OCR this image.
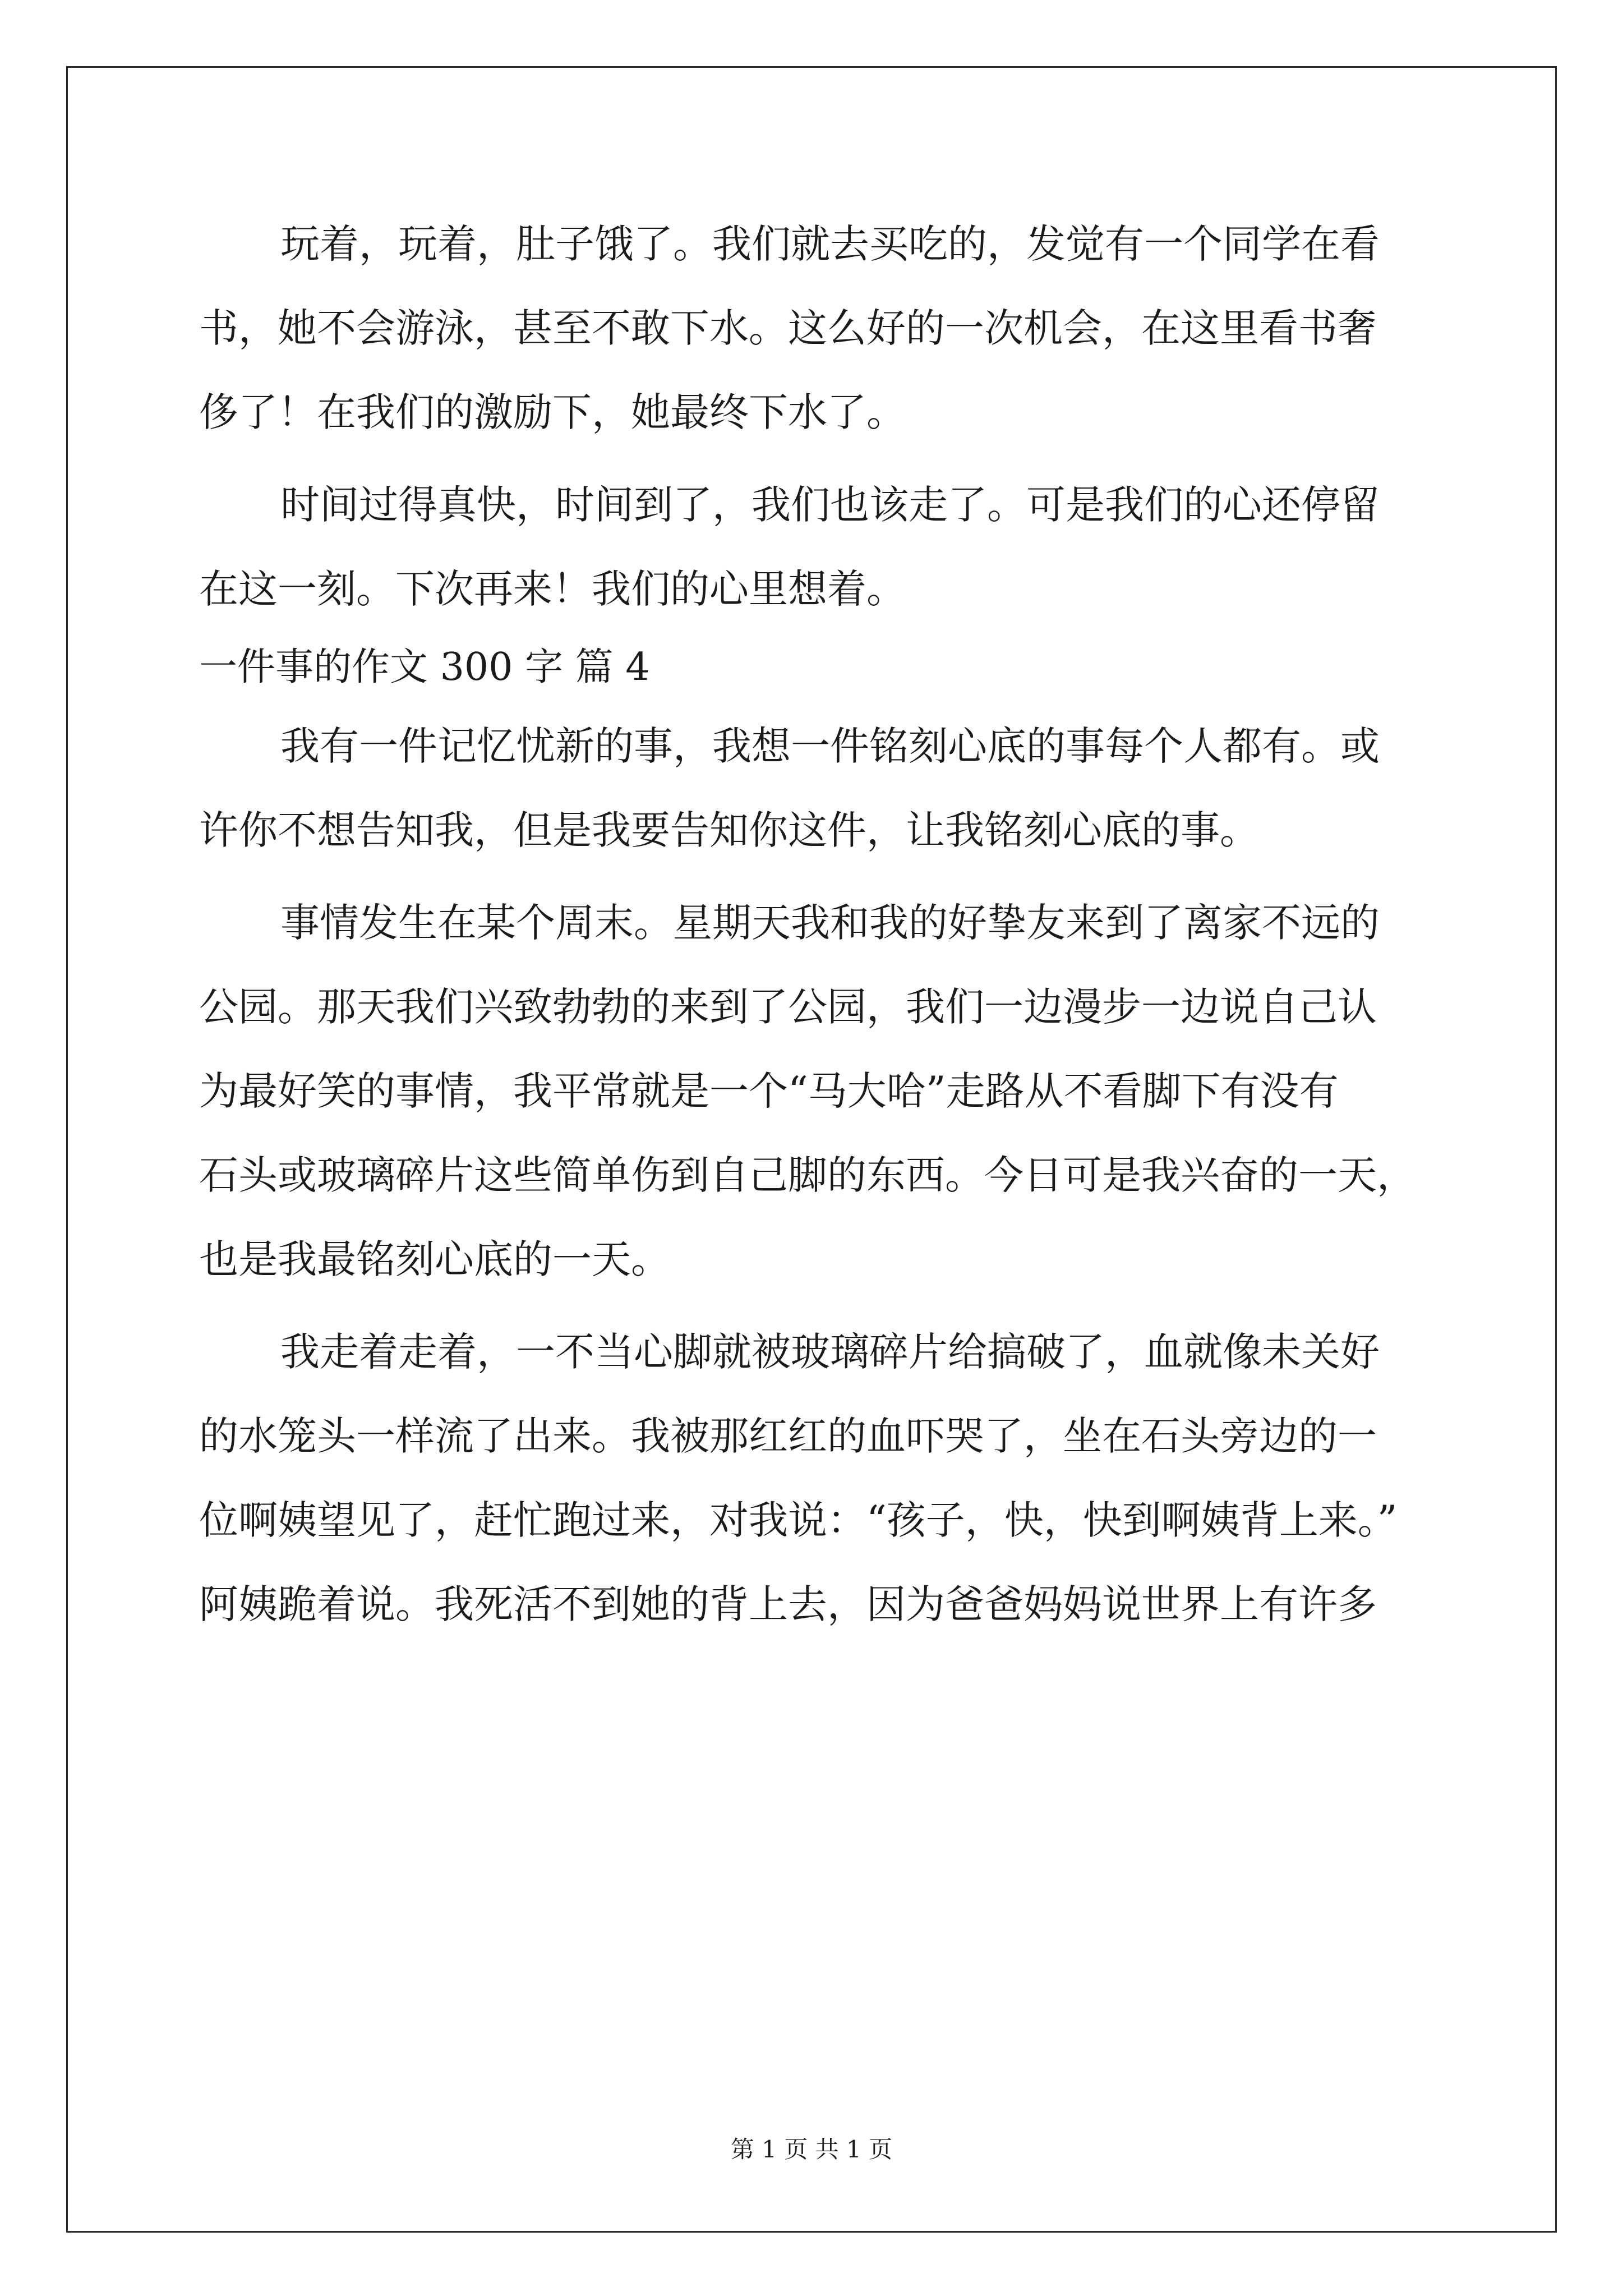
玩着，玩着，肚子饿了。我们就去买吃的，发觉有一个同学在看
书，她不会游泳，甚至不敢下水。这么好的一次机会，在这里看书奢
侈了！在我们的激励下，她最终下水了。
时间过得真快，时间到了，我们也该走了。可是我们的心还停留
在这一刻。下次再来！我们的心里想着。
一件事的作文 300 字 篇 4
我有一件记忆忧新的事，我想一件铭刻心底的事每个人都有。或
许你不想告知我，但是我要告知你这件，让我铭刻心底的事。
事情发生在某个周末。星期天我和我的好挚友来到了离家不远的
公园。那天我们兴致勃勃的来到了公园，我们一边漫步一边说自己认
为最好笑的事情，我平常就是一个“马大哈”走路从不看脚下有没有
石头或玻璃碎片这些简单伤到自己脚的东西。今日可是我兴奋的一天，
也是我最铭刻心底的一天。
我走着走着，一不当心脚就被玻璃碎片给搞破了，血就像未关好
的水笼头一样流了出来。我被那红红的血吓哭了，坐在石头旁边的一
位啊姨望见了，赶忙跑过来，对我说：“孩子，快，快到啊姨背上来。”
阿姨跪着说。我死活不到她的背上去，因为爸爸妈妈说世界上有许多
第 1 页 共 1 页
